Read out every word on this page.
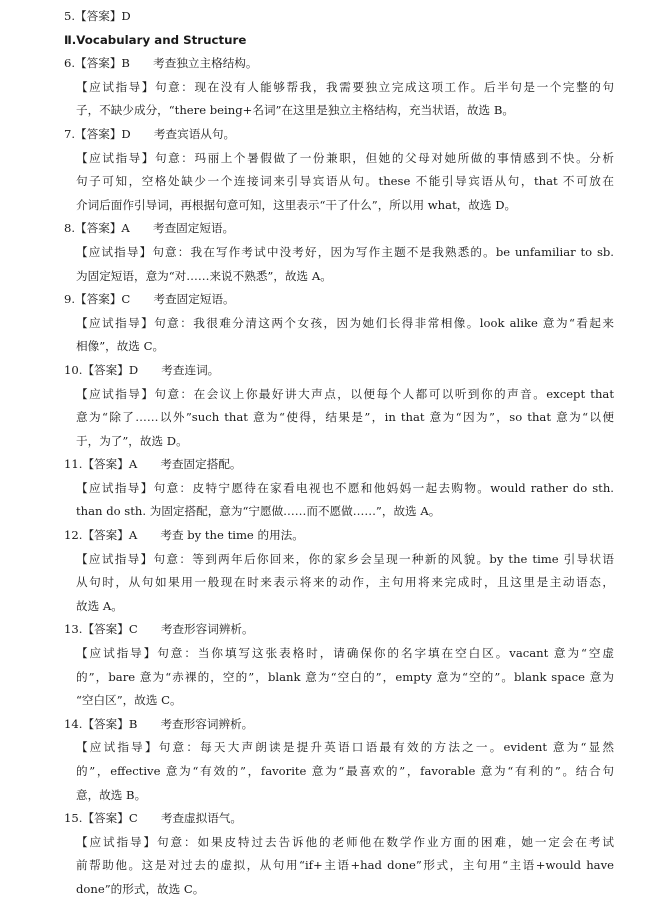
5.【答案】D
Ⅱ.Vocabulary and Structure
6.【答案】B　　考查独立主格结构。
【应试指导】句意：现在没有人能够帮我，我需要独立完成这项工作。后半句是一个完整的句
子，不缺少成分，“there being+名词”在这里是独立主格结构，充当状语，故选 B。
7.【答案】D　　考查宾语从句。
【应试指导】句意：玛丽上个暑假做了一份兼职，但她的父母对她所做的事情感到不快。分析
句子可知，空格处缺少一个连接词来引导宾语从句。these 不能引导宾语从句，that 不可放在
介词后面作引导词，再根据句意可知，这里表示“干了什么”，所以用 what，故选 D。
8.【答案】A　　考查固定短语。
【应试指导】句意：我在写作考试中没考好，因为写作主题不是我熟悉的。be unfamiliar to sb.
为固定短语，意为“对……来说不熟悉”，故选 A。
9.【答案】C　　考查固定短语。
【应试指导】句意：我很难分清这两个女孩，因为她们长得非常相像。look alike 意为“看起来
相像”，故选 C。
10.【答案】D　　考查连词。
【应试指导】句意：在会议上你最好讲大声点，以便每个人都可以听到你的声音。except that
意为“除了……以外”such that 意为“使得，结果是”，in that 意为“因为”，so that 意为“以便
于，为了”，故选 D。
11.【答案】A　　考查固定搭配。
【应试指导】句意：皮特宁愿待在家看电视也不愿和他妈妈一起去购物。would rather do sth.
than do sth. 为固定搭配，意为“宁愿做……而不愿做……”，故选 A。
12.【答案】A　　考查 by the time 的用法。
【应试指导】句意：等到两年后你回来，你的家乡会呈现一种新的风貌。by the time 引导状语
从句时，从句如果用一般现在时来表示将来的动作，主句用将来完成时，且这里是主动语态，
故选 A。
13.【答案】C　　考查形容词辨析。
【应试指导】句意：当你填写这张表格时，请确保你的名字填在空白区。vacant 意为“空虚
的”，bare 意为“赤裸的，空的”，blank 意为“空白的”，empty 意为“空的”。blank space 意为
“空白区”，故选 C。
14.【答案】B　　考查形容词辨析。
【应试指导】句意：每天大声朗读是提升英语口语最有效的方法之一。evident 意为“显然
的”，effective 意为“有效的”，favorite 意为“最喜欢的”，favorable 意为“有利的”。结合句
意，故选 B。
15.【答案】C　　考查虚拟语气。
【应试指导】句意：如果皮特过去告诉他的老师他在数学作业方面的困难，她一定会在考试
前帮助他。这是对过去的虚拟，从句用“if+主语+had done”形式，主句用“主语+would have
done”的形式，故选 C。
